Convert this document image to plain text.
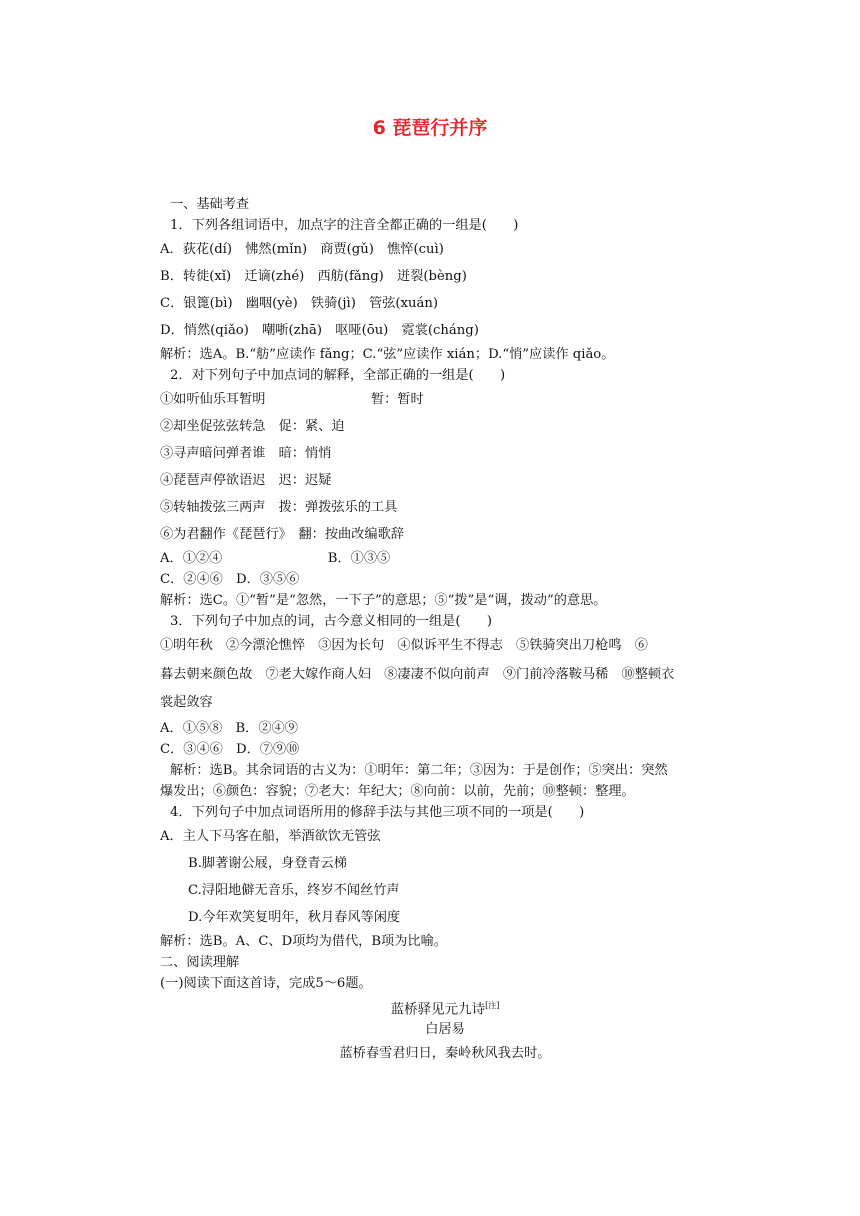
6 琵琶行并序
一、基础考查
1．下列各组词语中，加点字的注音全都正确的一组是(　　)
A．荻花(dí)　怫然(mǐn)　商贾(gǔ)　憔悴(cuì)
B．转徙(xǐ)　迁谪(zhé)　西舫(fǎng)　迸裂(bèng)
C．银篦(bì)　幽咽(yè)　铁骑(jì)　管弦(xuán)
D．悄然(qiǎo)　嘲哳(zhā)　呕哑(ōu)　霓裳(cháng)
解析：选A。B.“舫”应读作 fǎng；C.“弦”应读作 xián；D.“悄”应读作 qiǎo。
2．对下列句子中加点词的解释，全部正确的一组是(　　)
①如听仙乐耳暂明　　　　　　　　暂：暂时
②却坐促弦弦转急　促：紧、迫
③寻声暗问弹者谁　暗：悄悄
④琵琶声停欲语迟　迟：迟疑
⑤转轴拨弦三两声　拨：弹拨弦乐的工具
⑥为君翻作《琵琶行》　翻：按曲改编歌辞
A．①②④　　　　　　　　B．①③⑤
C．②④⑥　D．③⑤⑥
解析：选C。①“暂”是“忽然，一下子”的意思；⑤“拨”是“调，拨动”的意思。
3．下列句子中加点的词，古今意义相同的一组是(　　)
①明年秋　②今漂沦憔悴　③因为长句　④似诉平生不得志　⑤铁骑突出刀枪鸣　⑥
暮去朝来颜色故　⑦老大嫁作商人妇　⑧凄凄不似向前声　⑨门前冷落鞍马稀　⑩整顿衣
裳起敛容
A．①⑤⑧　B．②④⑨
C．③④⑥　D．⑦⑨⑩
解析：选B。其余词语的古义为：①明年：第二年；③因为：于是创作；⑤突出：突然
爆发出；⑥颜色：容貌；⑦老大：年纪大；⑧向前：以前，先前；⑩整顿：整理。
4．下列句子中加点词语所用的修辞手法与其他三项不同的一项是(　　)
A．主人下马客在船，举酒欲饮无管弦
B.脚著谢公屐，身登青云梯
C.浔阳地僻无音乐，终岁不闻丝竹声
D.今年欢笑复明年，秋月春风等闲度
解析：选B。A、C、D项均为借代，B项为比喻。
二、阅读理解
(一)阅读下面这首诗，完成5～6题。
蓝桥驿见元九诗[注]
白居易
蓝桥春雪君归日，秦岭秋风我去时。
